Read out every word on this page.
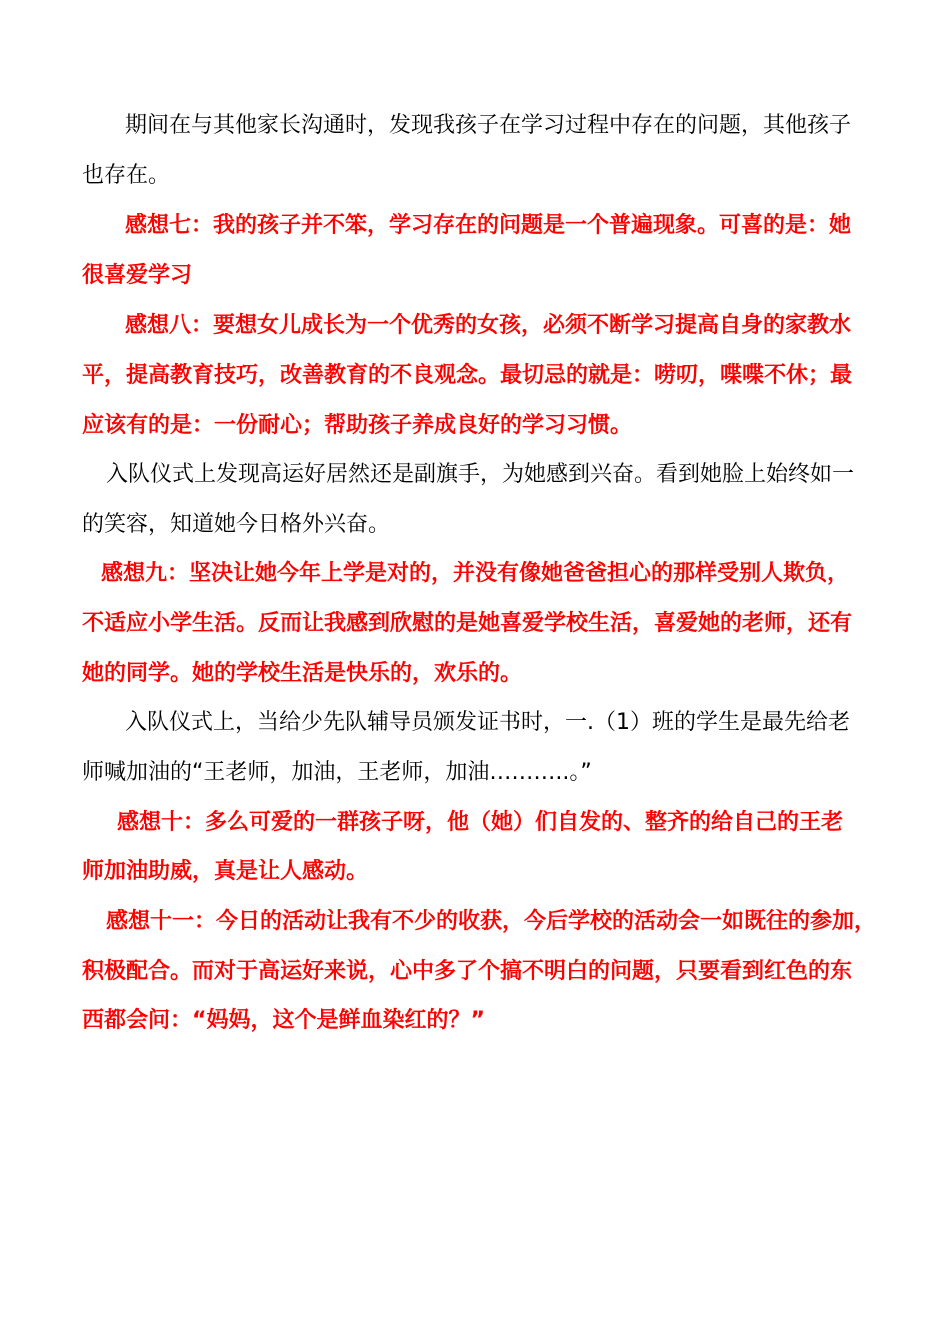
期间在与其他家长沟通时，发现我孩子在学习过程中存在的问题，其他孩子
也存在。
感想七：我的孩子并不笨，学习存在的问题是一个普遍现象。可喜的是：她
很喜爱学习
感想八：要想女儿成长为一个优秀的女孩，必须不断学习提高自身的家教水
平，提高教育技巧，改善教育的不良观念。最切忌的就是：唠叨，喋喋不休；最
应该有的是：一份耐心；帮助孩子养成良好的学习习惯。
入队仪式上发现高运好居然还是副旗手，为她感到兴奋。看到她脸上始终如一
的笑容，知道她今日格外兴奋。
感想九：坚决让她今年上学是对的，并没有像她爸爸担心的那样受别人欺负，
不适应小学生活。反而让我感到欣慰的是她喜爱学校生活，喜爱她的老师，还有
她的同学。她的学校生活是快乐的，欢乐的。
入队仪式上，当给少先队辅导员颁发证书时，一.（1）班的学生是最先给老
师喊加油的“王老师，加油，王老师，加油………..。”
感想十：多么可爱的一群孩子呀，他（她）们自发的、整齐的给自己的王老
师加油助威，真是让人感动。
感想十一：今日的活动让我有不少的收获，今后学校的活动会一如既往的参加，
积极配合。而对于高运好来说，心中多了个搞不明白的问题，只要看到红色的东
西都会问：“妈妈，这个是鲜血染红的？”
